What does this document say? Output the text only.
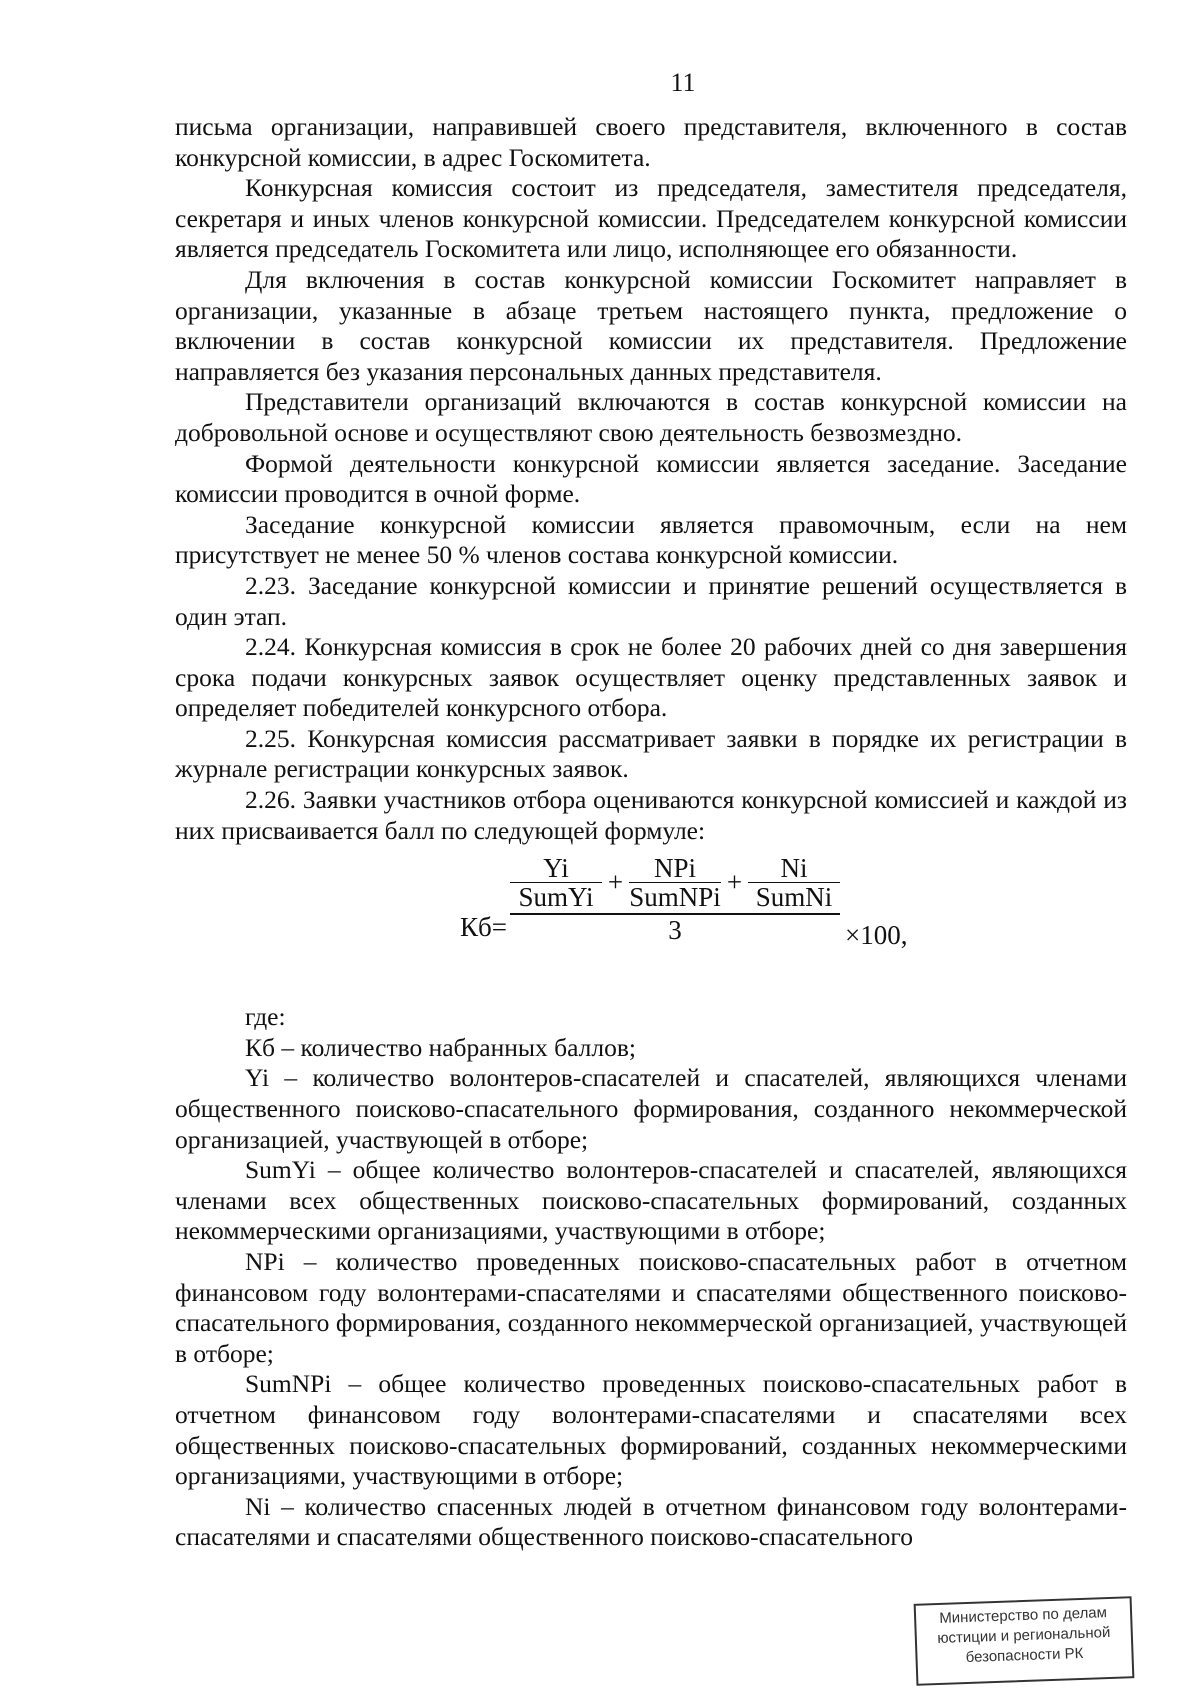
11

письма организации, направившей своего представителя, включенного в состав конкурсной комиссии, в адрес Госкомитета.

Конкурсная комиссия состоит из председателя, заместителя председателя, секретаря и иных членов конкурсной комиссии. Председателем конкурсной комиссии является председатель Госкомитета или лицо, исполняющее его обязанности.

Для включения в состав конкурсной комиссии Госкомитет направляет в организации, указанные в абзаце третьем настоящего пункта, предложение о включении в состав конкурсной комиссии их представителя. Предложение направляется без указания персональных данных представителя.

Представители организаций включаются в состав конкурсной комиссии на добровольной основе и осуществляют свою деятельность безвозмездно.

Формой деятельности конкурсной комиссии является заседание. Заседание комиссии проводится в очной форме.

Заседание конкурсной комиссии является правомочным, если на нем присутствует не менее 50 % членов состава конкурсной комиссии.

2.23. Заседание конкурсной комиссии и принятие решений осуществляется в один этап.

2.24. Конкурсная комиссия в срок не более 20 рабочих дней со дня завершения срока подачи конкурсных заявок осуществляет оценку представленных заявок и определяет победителей конкурсного отбора.

2.25. Конкурсная комиссия рассматривает заявки в порядке их регистрации в журнале регистрации конкурсных заявок.

2.26. Заявки участников отбора оцениваются конкурсной комиссией и каждой из них присваивается балл по следующей формуле:

Кб=
$\frac{Yi}{\text{SumYi}} + \frac{\text{NPi}}{\text{SumNPi}} + \frac{Ni}{\text{SumNi}}$
3	×100,

где:

Кб – количество набранных баллов;

Yi – количество волонтеров-спасателей и спасателей, являющихся членами общественного поисково-спасательного формирования, созданного некоммерческой организацией, участвующей в отборе;

SumYi – общее количество волонтеров-спасателей и спасателей, являющихся членами всех общественных поисково-спасательных формирований, созданных некоммерческими организациями, участвующими в отборе;

NPi – количество проведенных поисково-спасательных работ в отчетном финансовом году волонтерами-спасателями и спасателями общественного поисково-спасательного формирования, созданного некоммерческой организацией, участвующей в отборе;

SumNPi – общее количество проведенных поисково-спасательных работ в отчетном финансовом году волонтерами-спасателями и спасателями всех общественных поисково-спасательных формирований, созданных некоммерческими организациями, участвующими в отборе;

Ni – количество спасенных людей в отчетном финансовом году волонтерами-спасателями и спасателями общественного поисково-спасательного

Министерство по делам
юстиции и региональной
безопасности РК
